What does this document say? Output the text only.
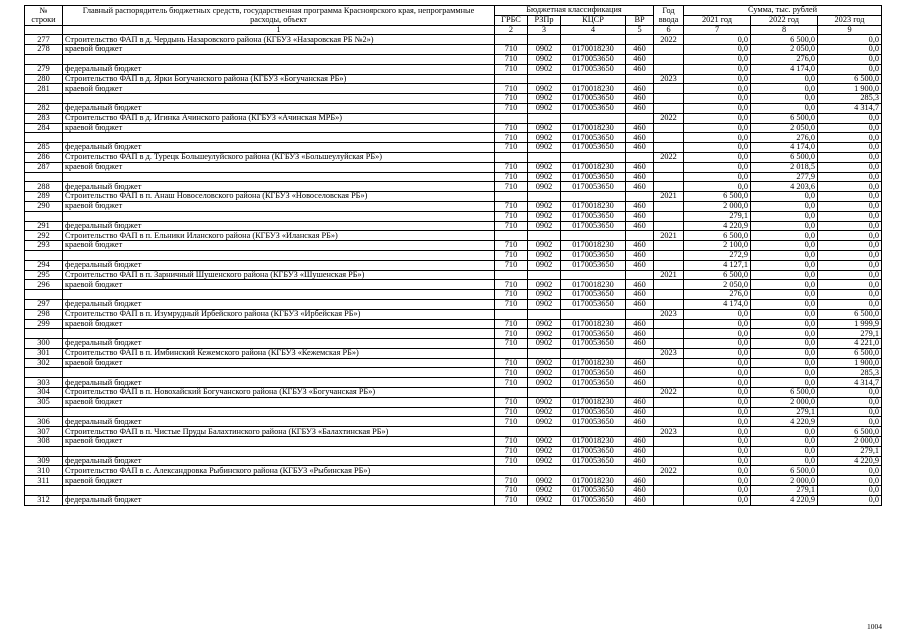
№	Главный распорядитель бюджетных средств, государственная программа Красноярского края, непрограммные	Бюджетная классификация				Год	Сумма, тыс. рублей		
строки	расходы, объект	ГРБС	РЗПр	КЦСР	ВР	ввода	2021 год	2022 год	2023 год
	1	2	3	4	5	6	7	8	9
277	Строительство ФАП в д. Чердынь Назаровского района (КГБУЗ «Назаровская РБ №2»)					2022	0,0	6 500,0	0,0
278	краевой бюджет	710	0902	0170018230	460		0,0	2 050,0	0,0
		710	0902	0170053650	460		0,0	276,0	0,0
279	федеральный бюджет	710	0902	0170053650	460		0,0	4 174,0	0,0
280	Строительство ФАП в д. Ярки Богучанского района (КГБУЗ «Богучанская РБ»)					2023	0,0	0,0	6 500,0
281	краевой бюджет	710	0902	0170018230	460		0,0	0,0	1 900,0
		710	0902	0170053650	460		0,0	0,0	285,3
282	федеральный бюджет	710	0902	0170053650	460		0,0	0,0	4 314,7
283	Строительство ФАП в д. Игинка Ачинского района (КГБУЗ «Ачинская МРБ»)					2022	0,0	6 500,0	0,0
284	краевой бюджет	710	0902	0170018230	460		0,0	2 050,0	0,0
		710	0902	0170053650	460		0,0	276,0	0,0
285	федеральный бюджет	710	0902	0170053650	460		0,0	4 174,0	0,0
286	Строительство ФАП в д. Турецк Большеулуйского района (КГБУЗ «Большеулуйская РБ»)					2022	0,0	6 500,0	0,0
287	краевой бюджет	710	0902	0170018230	460		0,0	2 018,5	0,0
		710	0902	0170053650	460		0,0	277,9	0,0
288	федеральный бюджет	710	0902	0170053650	460		0,0	4 203,6	0,0
289	Строительство ФАП в п. Анаш Новоселовского района (КГБУЗ «Новоселовская РБ»)					2021	6 500,0	0,0	0,0
290	краевой бюджет	710	0902	0170018230	460		2 000,0	0,0	0,0
		710	0902	0170053650	460		279,1	0,0	0,0
291	федеральный бюджет	710	0902	0170053650	460		4 220,9	0,0	0,0
292	Строительство ФАП в п. Ельники Иланского района (КГБУЗ «Иланская РБ»)					2021	6 500,0	0,0	0,0
293	краевой бюджет	710	0902	0170018230	460		2 100,0	0,0	0,0
		710	0902	0170053650	460		272,9	0,0	0,0
294	федеральный бюджет	710	0902	0170053650	460		4 127,1	0,0	0,0
295	Строительство ФАП в п. Зарничный Шушенского района (КГБУЗ «Шушенская РБ»)					2021	6 500,0	0,0	0,0
296	краевой бюджет	710	0902	0170018230	460		2 050,0	0,0	0,0
		710	0902	0170053650	460		276,0	0,0	0,0
297	федеральный бюджет	710	0902	0170053650	460		4 174,0	0,0	0,0
298	Строительство ФАП в п. Изумрудный Ирбейского района (КГБУЗ «Ирбейская РБ»)					2023	0,0	0,0	6 500,0
299	краевой бюджет	710	0902	0170018230	460		0,0	0,0	1 999,9
		710	0902	0170053650	460		0,0	0,0	279,1
300	федеральный бюджет	710	0902	0170053650	460		0,0	0,0	4 221,0
301	Строительство ФАП в п. Имбинский Кежемского района (КГБУЗ «Кежемская РБ»)					2023	0,0	0,0	6 500,0
302	краевой бюджет	710	0902	0170018230	460		0,0	0,0	1 900,0
		710	0902	0170053650	460		0,0	0,0	285,3
303	федеральный бюджет	710	0902	0170053650	460		0,0	0,0	4 314,7
304	Строительство ФАП в п. Новохайский Богучанского района (КГБУЗ «Богучанская РБ»)					2022	0,0	6 500,0	0,0
305	краевой бюджет	710	0902	0170018230	460		0,0	2 000,0	0,0
		710	0902	0170053650	460		0,0	279,1	0,0
306	федеральный бюджет	710	0902	0170053650	460		0,0	4 220,9	0,0
307	Строительство ФАП в п. Чистые Пруды Балахтинского района (КГБУЗ «Балахтинская РБ»)					2023	0,0	0,0	6 500,0
308	краевой бюджет	710	0902	0170018230	460		0,0	0,0	2 000,0
		710	0902	0170053650	460		0,0	0,0	279,1
309	федеральный бюджет	710	0902	0170053650	460		0,0	0,0	4 220,9
310	Строительство ФАП в с. Александровка Рыбинского района (КГБУЗ «Рыбинская РБ»)					2022	0,0	6 500,0	0,0
311	краевой бюджет	710	0902	0170018230	460		0,0	2 000,0	0,0
		710	0902	0170053650	460		0,0	279,1	0,0
312	федеральный бюджет	710	0902	0170053650	460		0,0	4 220,9	0,0
1004
